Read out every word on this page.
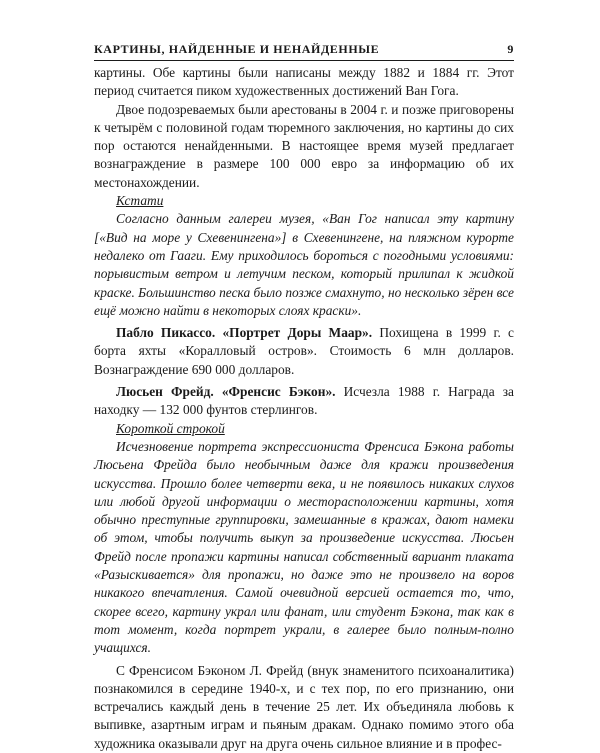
КАРТИНЫ, НАЙДЕННЫЕ И НЕНАЙДЕННЫЕ	9

картины. Обе картины были написаны между 1882 и 1884 гг. Этот период считается пиком художественных достижений Ван Гога.

Двое подозреваемых были арестованы в 2004 г. и позже приговорены к четырём с половиной годам тюремного заключения, но картины до сих пор остаются ненайденными. В настоящее время музей предлагает вознаграждение в размере 100 000 евро за информацию об их местонахождении.

Кстати

Согласно данным галереи музея, «Ван Гог написал эту картину [«Вид на море у Схевенингена»] в Схевенингене, на пляжном курорте недалеко от Гааги. Ему приходилось бороться с погодными условиями: порывистым ветром и летучим песком, который прилипал к жидкой краске. Большинство песка было позже смахнуто, но несколько зёрен все ещё можно найти в некоторых слоях краски».

Пабло Пикассо. «Портрет Доры Маар». Похищена в 1999 г. с борта яхты «Коралловый остров». Стоимость 6 млн долларов. Вознаграждение 690 000 долларов.

Люсьен Фрейд. «Френсис Бэкон». Исчезла 1988 г. Награда за находку — 132 000 фунтов стерлингов.

Короткой строкой

Исчезновение портрета экспрессиониста Френсиса Бэкона работы Люсьена Фрейда было необычным даже для кражи произведения искусства. Прошло более четверти века, и не появилось никаких слухов или любой другой информации о месторасположении картины, хотя обычно преступные группировки, замешанные в кражах, дают намеки об этом, чтобы получить выкуп за произведение искусства. Люсьен Фрейд после пропажи картины написал собственный вариант плаката «Разыскивается» для пропажи, но даже это не произвело на воров никакого впечатления. Самой очевидной версией остается то, что, скорее всего, картину украл или фанат, или студент Бэкона, так как в тот момент, когда портрет украли, в галерее было полным-полно учащихся.

С Френсисом Бэконом Л. Фрейд (внук знаменитого психоаналитика) познакомился в середине 1940-х, и с тех пор, по его признанию, они встречались каждый день в течение 25 лет. Их объединяла любовь к выпивке, азартным играм и пьяным дракам. Однако помимо этого оба художника оказывали друг на друга очень сильное влияние и в профес-
